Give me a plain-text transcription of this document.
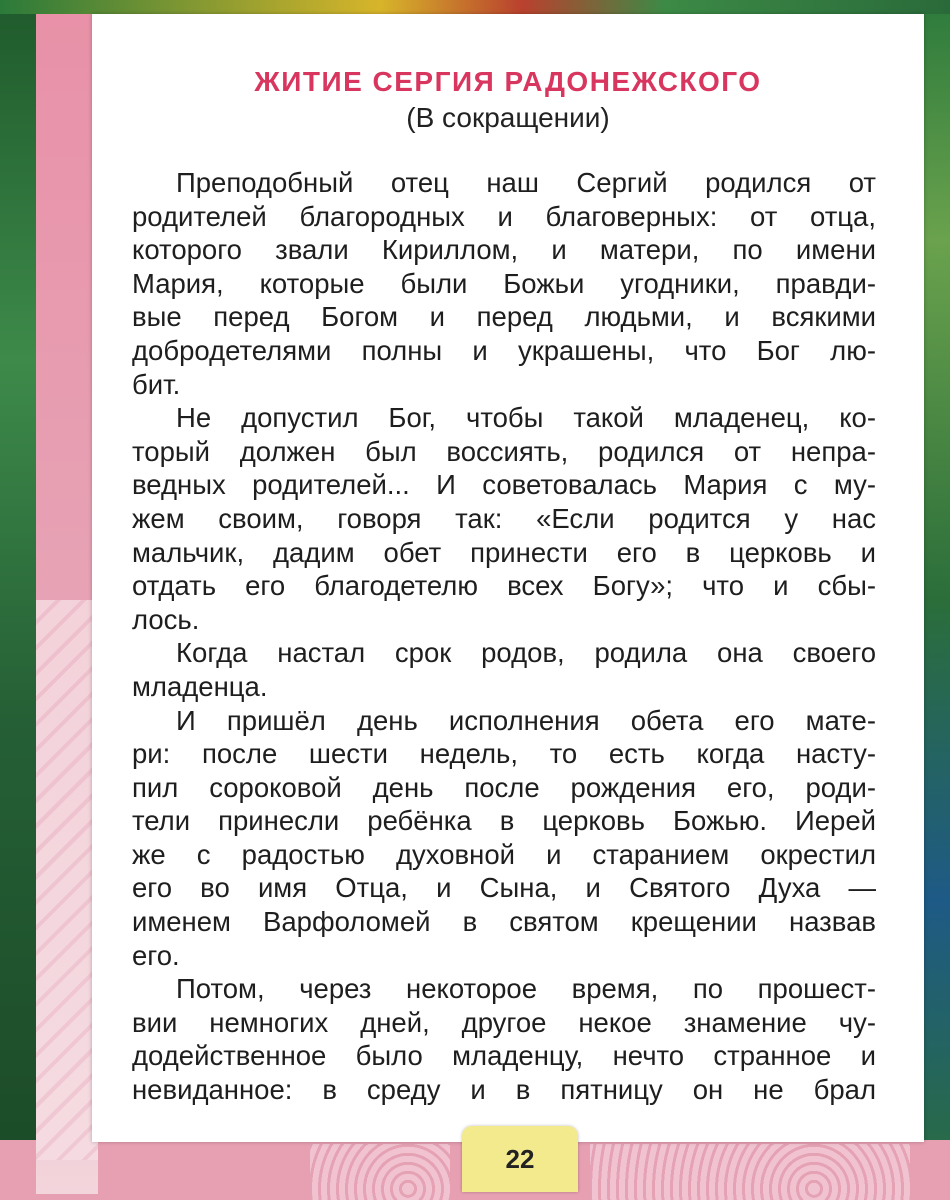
ЖИТИЕ СЕРГИЯ РАДОНЕЖСКОГО
(В сокращении)

Преподобный отец наш Сергий родился от
родителей благородных и благоверных: от отца,
которого звали Кириллом, и матери, по имени
Мария, которые были Божьи угодники, правди-
вые перед Богом и перед людьми, и всякими
добродетелями полны и украшены, что Бог лю-
бит.

Не допустил Бог, чтобы такой младенец, ко-
торый должен был воссиять, родился от непра-
ведных родителей... И советовалась Мария с му-
жем своим, говоря так: «Если родится у нас
мальчик, дадим обет принести его в церковь и
отдать его благодетелю всех Богу»; что и сбы-
лось.

Когда настал срок родов, родила она своего
младенца.

И пришёл день исполнения обета его мате-
ри: после шести недель, то есть когда насту-
пил сороковой день после рождения его, роди-
тели принесли ребёнка в церковь Божью. Иерей
же с радостью духовной и старанием окрестил
его во имя Отца, и Сына, и Святого Духа —
именем Варфоломей в святом крещении назвав
его.

Потом, через некоторое время, по прошест-
вии немногих дней, другое некое знамение чу-
додейственное было младенцу, нечто странное и
невиданное: в среду и в пятницу он не брал

22
